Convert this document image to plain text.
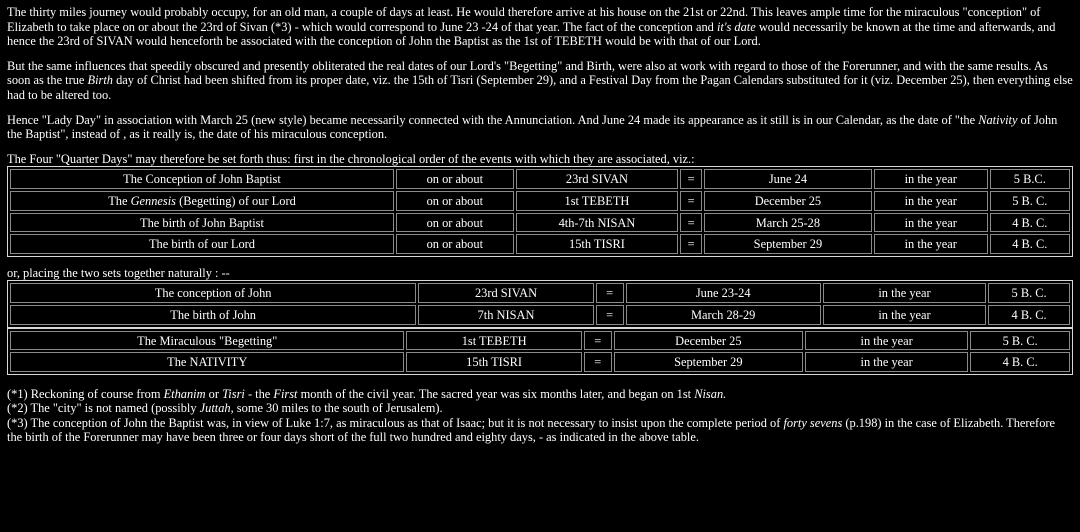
The thirty miles journey would probably occupy, for an old man, a couple of days at least. He would therefore arrive at his house on the 21st or 22nd. This leaves ample time for the miraculous "conception" of Elizabeth to take place on or about the 23rd of Sivan (*3) - which would correspond to June 23 -24 of that year. The fact of the conception and it's date would necessarily be known at the time and afterwards, and hence the 23rd of SIVAN would henceforth be associated with the conception of John the Baptist as the 1st of TEBETH would be with that of our Lord.

But the same influences that speedily obscured and presently obliterated the real dates of our Lord's "Begetting" and Birth, were also at work with regard to those of the Forerunner, and with the same results. As soon as the true Birth day of Christ had been shifted from its proper date, viz. the 15th of Tisri (September 29), and a Festival Day from the Pagan Calendars substituted for it (viz. December 25), then everything else had to be altered too.

Hence "Lady Day" in association with March 25 (new style) became necessarily connected with the Annunciation. And June 24 made its appearance as it still is in our Calendar, as the date of "the Nativity of John the Baptist", instead of , as it really is, the date of his miraculous conception.

The Four "Quarter Days" may therefore be set forth thus: first in the chronological order of the events with which they are associated, viz.:

The Conception of John Baptist	on or about	23rd SIVAN	=	June 24	in the year	5 B.C.
The Gennesis (Begetting) of our Lord	on or about	1st TEBETH	=	December 25	in the year	5 B. C.
The birth of John Baptist	on or about	4th-7th NISAN	=	March 25-28	in the year	4 B. C.
The birth of our Lord	on or about	15th TISRI	=	September 29	in the year	4 B. C.

or, placing the two sets together naturally : --

The conception of John	23rd SIVAN	=	June 23-24	in the year	5 B. C.
The birth of John	7th NISAN	=	March 28-29	in the year	4 B. C.
The Miraculous "Begetting"	1st TEBETH	=	December 25	in the year	5 B. C.
The NATIVITY	15th TISRI	=	September 29	in the year	4 B. C.
(*1) Reckoning of course from Ethanim or Tisri - the First month of the civil year. The sacred year was six months later, and began on 1st Nisan.
(*2) The "city" is not named (possibly Juttah, some 30 miles to the south of Jerusalem).
(*3) The conception of John the Baptist was, in view of Luke 1:7, as miraculous as that of Isaac; but it is not necessary to insist upon the complete period of forty sevens (p.198) in the case of Elizabeth. Therefore the birth of the Forerunner may have been three or four days short of the full two hundred and eighty days, - as indicated in the above table.
